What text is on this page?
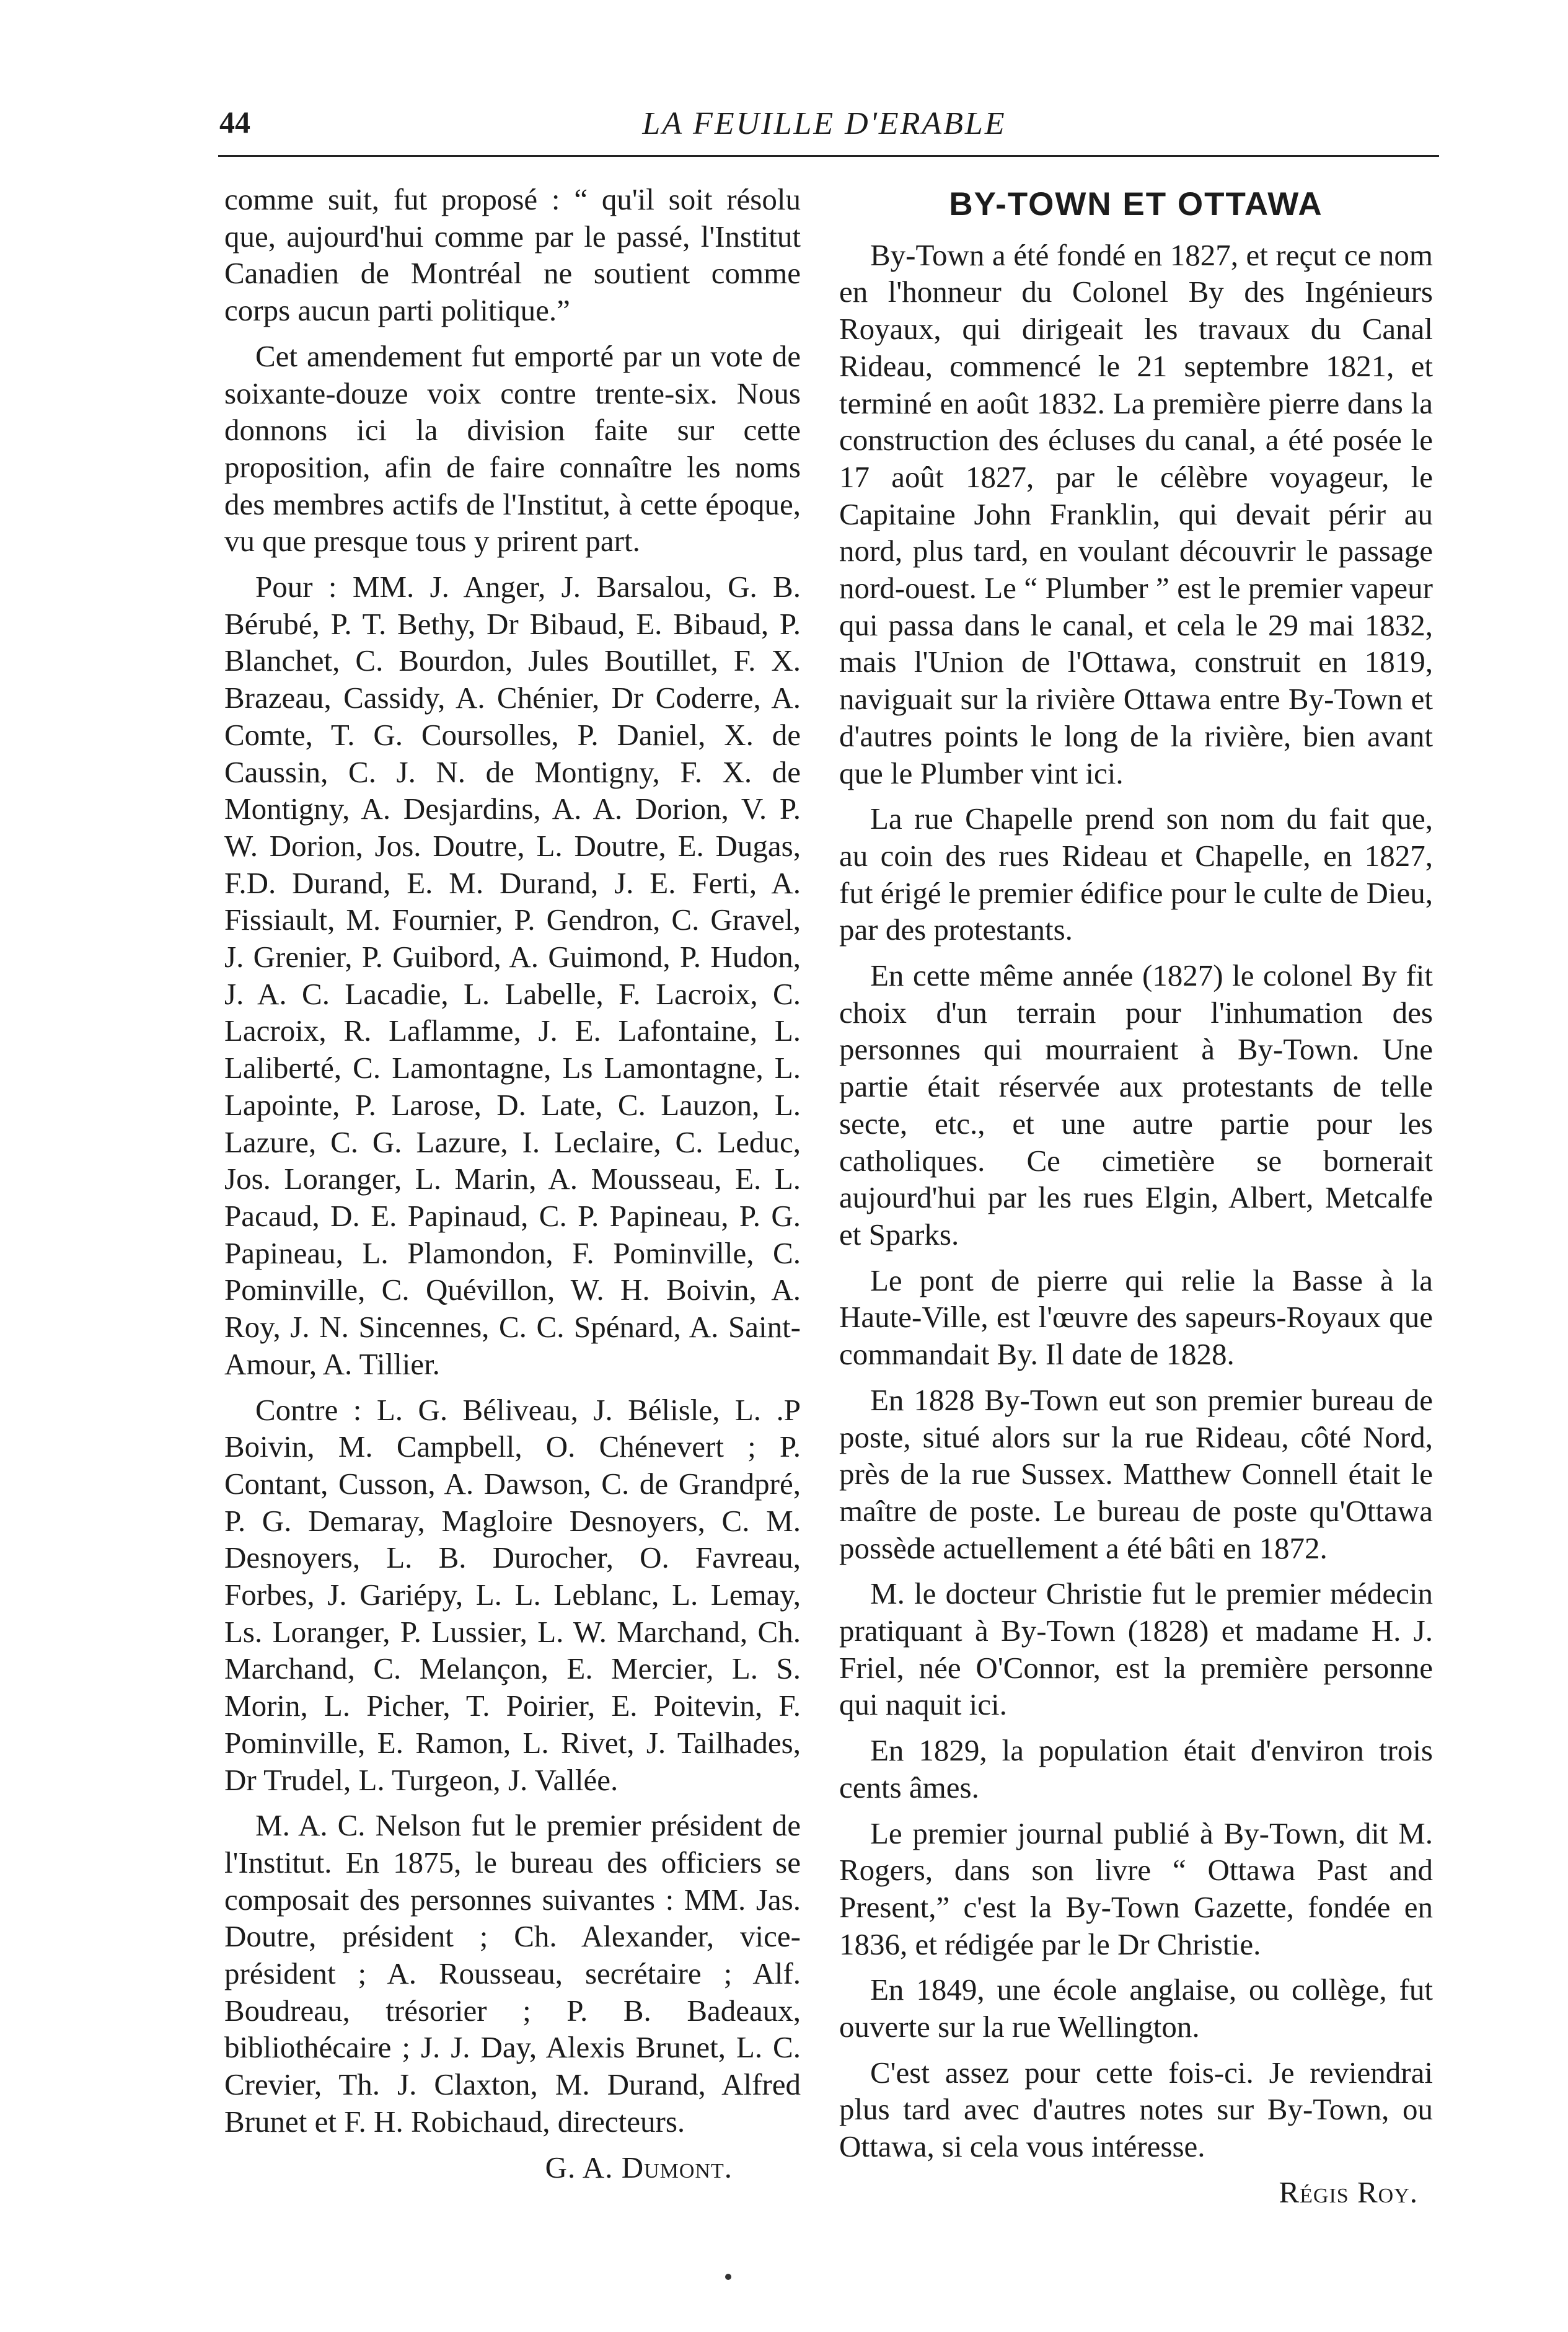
44	LA FEUILLE D'ERABLE

comme suit, fut proposé : “ qu'il soit résolu que, aujourd'hui comme par le passé, l'Institut Canadien de Montréal ne soutient comme corps aucun parti politique.”

Cet amendement fut emporté par un vote de soixante-douze voix contre trente-six. Nous donnons ici la division faite sur cette proposition, afin de faire connaître les noms des membres actifs de l'Institut, à cette époque, vu que presque tous y prirent part.

Pour : MM. J. Anger, J. Barsalou, G. B. Bérubé, P. T. Bethy, Dr Bibaud, E. Bibaud, P. Blanchet, C. Bourdon, Jules Boutillet, F. X. Brazeau, Cassidy, A. Chénier, Dr Coderre, A. Comte, T. G. Coursolles, P. Daniel, X. de Caussin, C. J. N. de Montigny, F. X. de Montigny, A. Desjardins, A. A. Dorion, V. P. W. Dorion, Jos. Doutre, L. Doutre, E. Dugas, F.D. Durand, E. M. Durand, J. E. Ferti, A. Fissiault, M. Fournier, P. Gendron, C. Gravel, J. Grenier, P. Guibord, A. Guimond, P. Hudon, J. A. C. Lacadie, L. Labelle, F. Lacroix, C. Lacroix, R. Laflamme, J. E. Lafontaine, L. Laliberté, C. Lamontagne, Ls Lamontagne, L. Lapointe, P. Larose, D. Late, C. Lauzon, L. Lazure, C. G. Lazure, I. Leclaire, C. Leduc, Jos. Loranger, L. Marin, A. Mousseau, E. L. Pacaud, D. E. Papinaud, C. P. Papineau, P. G. Papineau, L. Plamondon, F. Pominville, C. Pominville, C. Quévillon, W. H. Boivin, A. Roy, J. N. Sincennes, C. C. Spénard, A. Saint-Amour, A. Tillier.

Contre : L. G. Béliveau, J. Bélisle, L. .P Boivin, M. Campbell, O. Chénevert ; P. Contant, Cusson, A. Dawson, C. de Grandpré, P. G. Demaray, Magloire Desnoyers, C. M. Desnoyers, L. B. Durocher, O. Favreau, Forbes, J. Gariépy, L. L. Leblanc, L. Lemay, Ls. Loranger, P. Lussier, L. W. Marchand, Ch. Marchand, C. Melançon, E. Mercier, L. S. Morin, L. Picher, T. Poirier, E. Poitevin, F. Pominville, E. Ramon, L. Rivet, J. Tailhades, Dr Trudel, L. Turgeon, J. Vallée.

M. A. C. Nelson fut le premier président de l'Institut. En 1875, le bureau des officiers se composait des personnes suivantes : MM. Jas. Doutre, président ; Ch. Alexander, vice-président ; A. Rousseau, secrétaire ; Alf. Boudreau, trésorier ; P. B. Badeaux, bibliothécaire ; J. J. Day, Alexis Brunet, L. C. Crevier, Th. J. Claxton, M. Durand, Alfred Brunet et F. H. Robichaud, directeurs.

G. A. Dumont.
BY-TOWN ET OTTAWA

By-Town a été fondé en 1827, et reçut ce nom en l'honneur du Colonel By des Ingénieurs Royaux, qui dirigeait les travaux du Canal Rideau, commencé le 21 septembre 1821, et terminé en août 1832. La première pierre dans la construction des écluses du canal, a été posée le 17 août 1827, par le célèbre voyageur, le Capitaine John Franklin, qui devait périr au nord, plus tard, en voulant découvrir le passage nord-ouest. Le “ Plumber ” est le premier vapeur qui passa dans le canal, et cela le 29 mai 1832, mais l'Union de l'Ottawa, construit en 1819, naviguait sur la rivière Ottawa entre By-Town et d'autres points le long de la rivière, bien avant que le Plumber vint ici.

La rue Chapelle prend son nom du fait que, au coin des rues Rideau et Chapelle, en 1827, fut érigé le premier édifice pour le culte de Dieu, par des protestants.

En cette même année (1827) le colonel By fit choix d'un terrain pour l'inhumation des personnes qui mourraient à By-Town. Une partie était réservée aux protestants de telle secte, etc., et une autre partie pour les catholiques. Ce cimetière se bornerait aujourd'hui par les rues Elgin, Albert, Metcalfe et Sparks.

Le pont de pierre qui relie la Basse à la Haute-Ville, est l'œuvre des sapeurs-Royaux que commandait By. Il date de 1828.

En 1828 By-Town eut son premier bureau de poste, situé alors sur la rue Rideau, côté Nord, près de la rue Sussex. Matthew Connell était le maître de poste. Le bureau de poste qu'Ottawa possède actuellement a été bâti en 1872.

M. le docteur Christie fut le premier médecin pratiquant à By-Town (1828) et madame H. J. Friel, née O'Connor, est la première personne qui naquit ici.

En 1829, la population était d'environ trois cents âmes.

Le premier journal publié à By-Town, dit M. Rogers, dans son livre “ Ottawa Past and Present,” c'est la By-Town Gazette, fondée en 1836, et rédigée par le Dr Christie.

En 1849, une école anglaise, ou collège, fut ouverte sur la rue Wellington.

C'est assez pour cette fois-ci. Je reviendrai plus tard avec d'autres notes sur By-Town, ou Ottawa, si cela vous intéresse.

Régis Roy.
